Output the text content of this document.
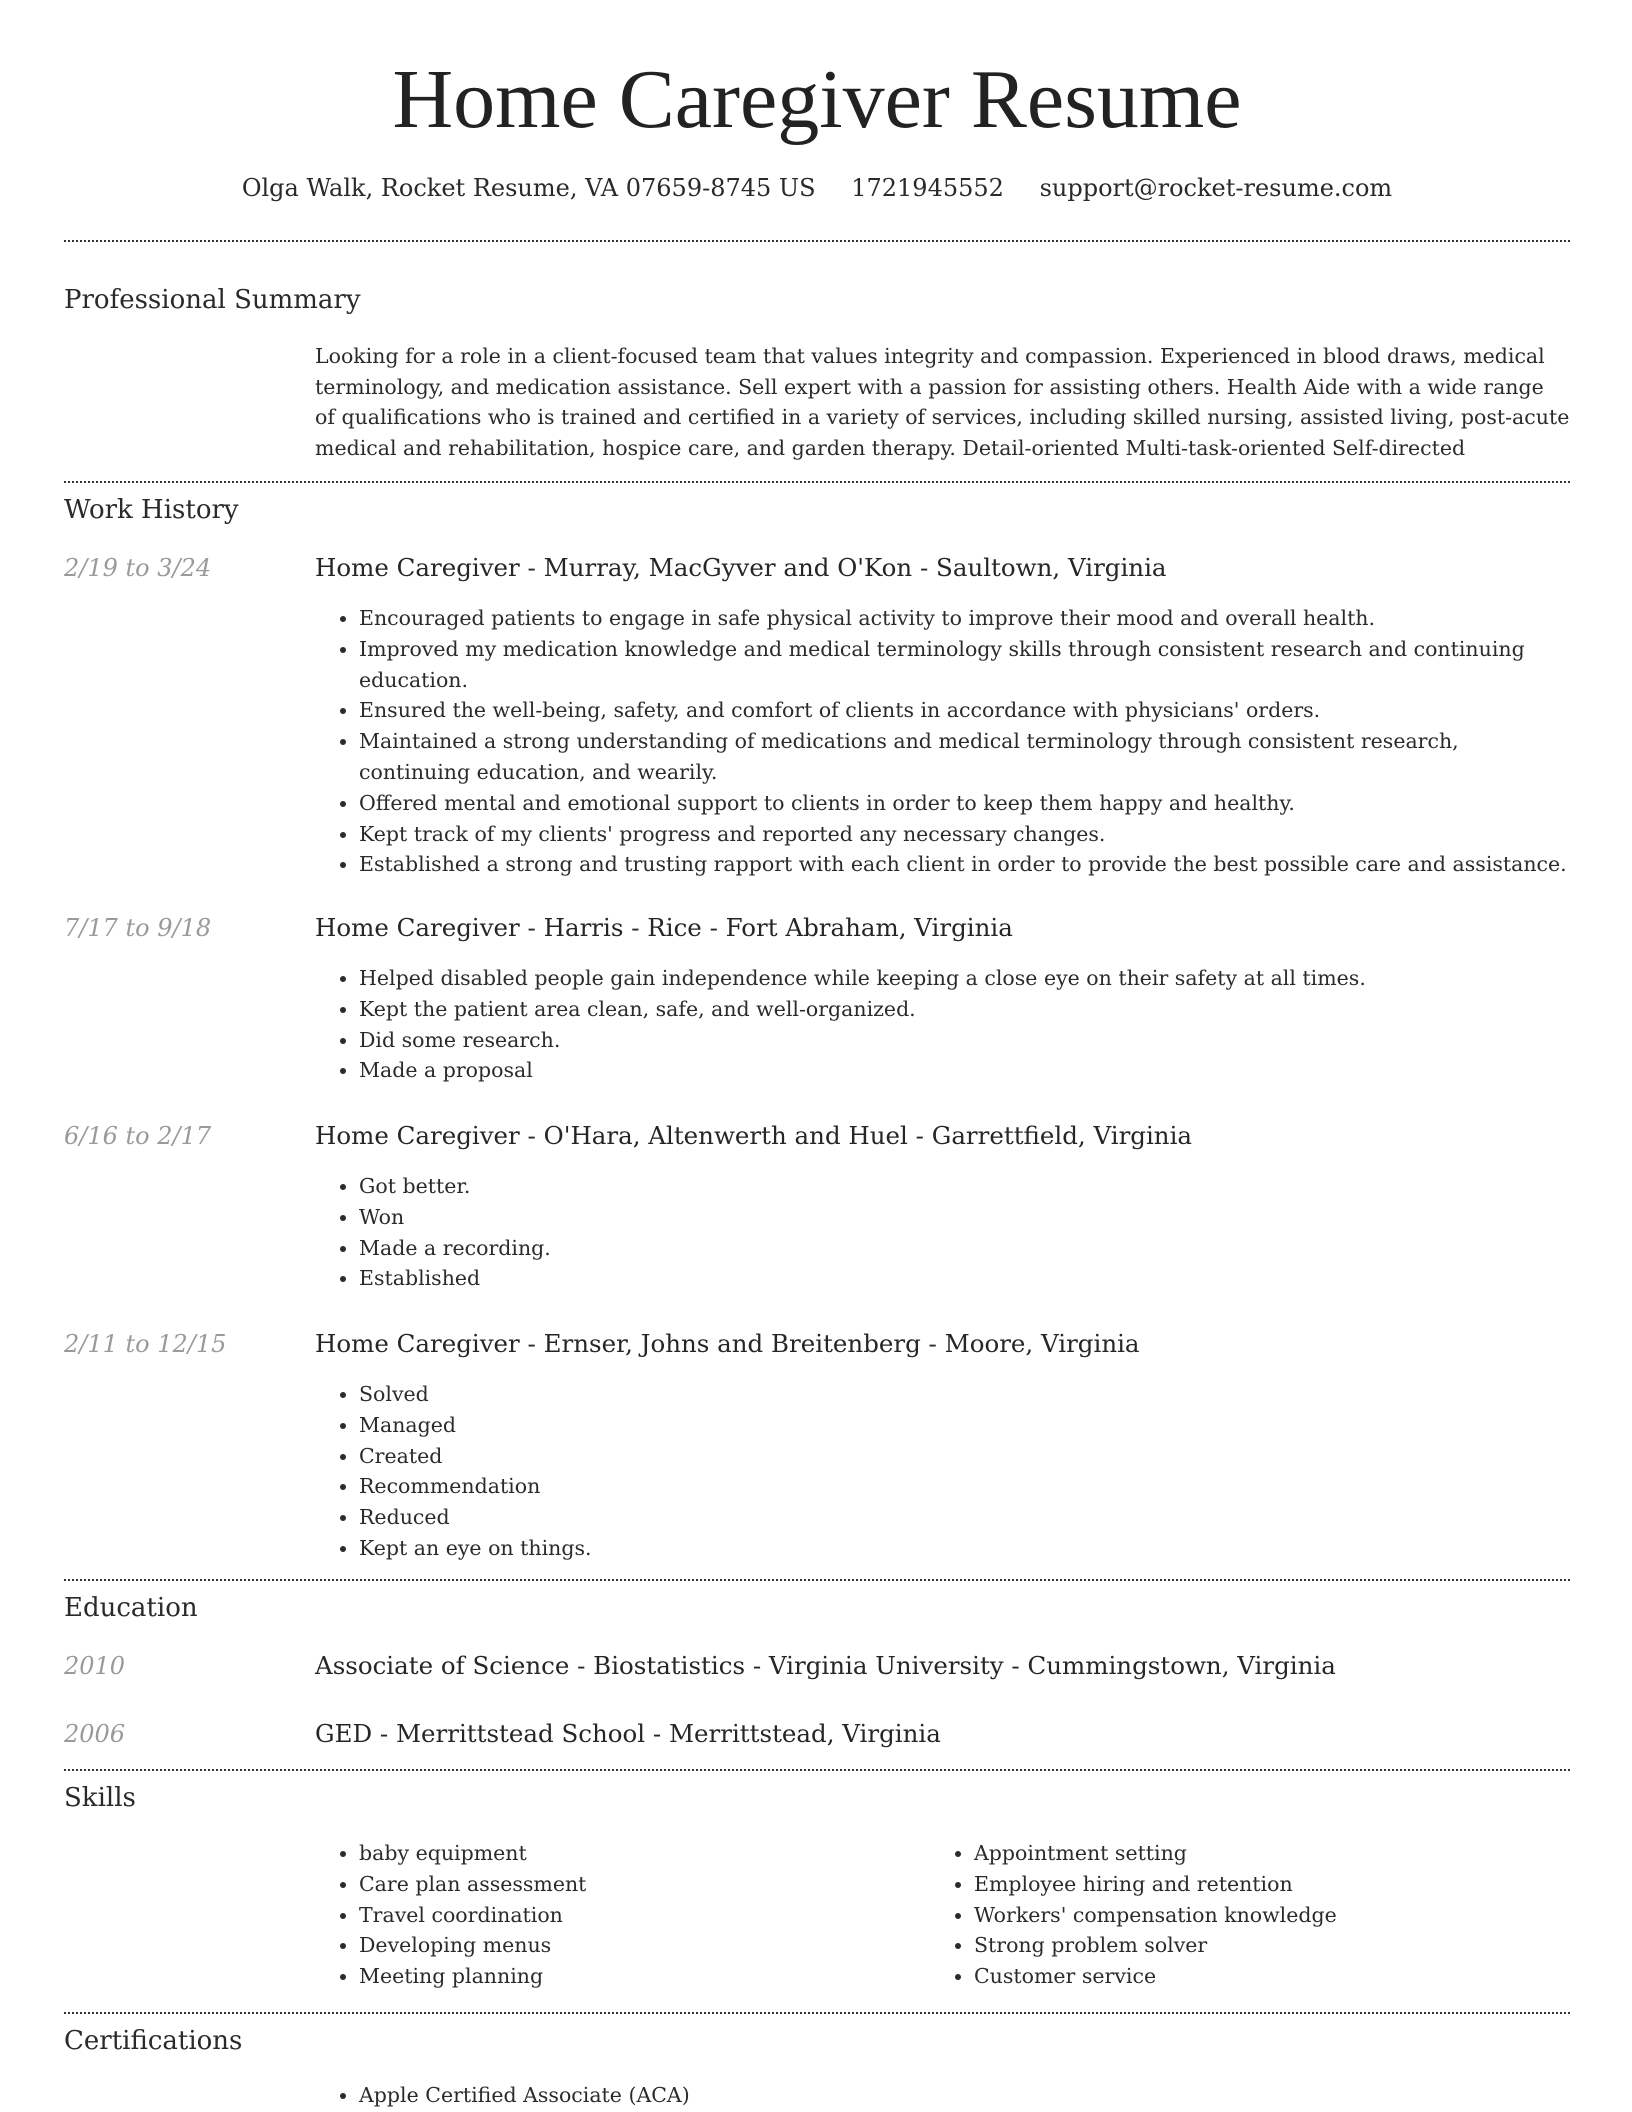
Home Caregiver Resume
Olga Walk, Rocket Resume, VA 07659-8745 US 1721945552 support@rocket-resume.com
Professional Summary

Looking for a role in a client-focused team that values integrity and compassion. Experienced in blood draws, medical terminology, and medication assistance. Sell expert with a passion for assisting others. Health Aide with a wide range of qualifications who is trained and certified in a variety of services, including skilled nursing, assisted living, post-acute medical and rehabilitation, hospice care, and garden therapy. Detail-oriented Multi-task-oriented Self-directed

Work History
2/19 to 3/24	Home Caregiver - Murray, MacGyver and O'Kon - Saultown, Virginia
• Encouraged patients to engage in safe physical activity to improve their mood and overall health.
• Improved my medication knowledge and medical terminology skills through consistent research and continuing education.
• Ensured the well-being, safety, and comfort of clients in accordance with physicians' orders.
• Maintained a strong understanding of medications and medical terminology through consistent research, continuing education, and wearily.
• Offered mental and emotional support to clients in order to keep them happy and healthy.
• Kept track of my clients' progress and reported any necessary changes.
• Established a strong and trusting rapport with each client in order to provide the best possible care and assistance.
7/17 to 9/18	Home Caregiver - Harris - Rice - Fort Abraham, Virginia
• Helped disabled people gain independence while keeping a close eye on their safety at all times.
• Kept the patient area clean, safe, and well-organized.
• Did some research.
• Made a proposal
6/16 to 2/17	Home Caregiver - O'Hara, Altenwerth and Huel - Garrettfield, Virginia
• Got better.
• Won
• Made a recording.
• Established
2/11 to 12/15	Home Caregiver - Ernser, Johns and Breitenberg - Moore, Virginia
• Solved
• Managed
• Created
• Recommendation
• Reduced
• Kept an eye on things.
Education
2010	Associate of Science - Biostatistics - Virginia University - Cummingstown, Virginia
2006	GED - Merrittstead School - Merrittstead, Virginia
Skills
• baby equipment
• Care plan assessment
• Travel coordination
• Developing menus
• Meeting planning
• Appointment setting
• Employee hiring and retention
• Workers' compensation knowledge
• Strong problem solver
• Customer service
Certifications
• Apple Certified Associate (ACA)
